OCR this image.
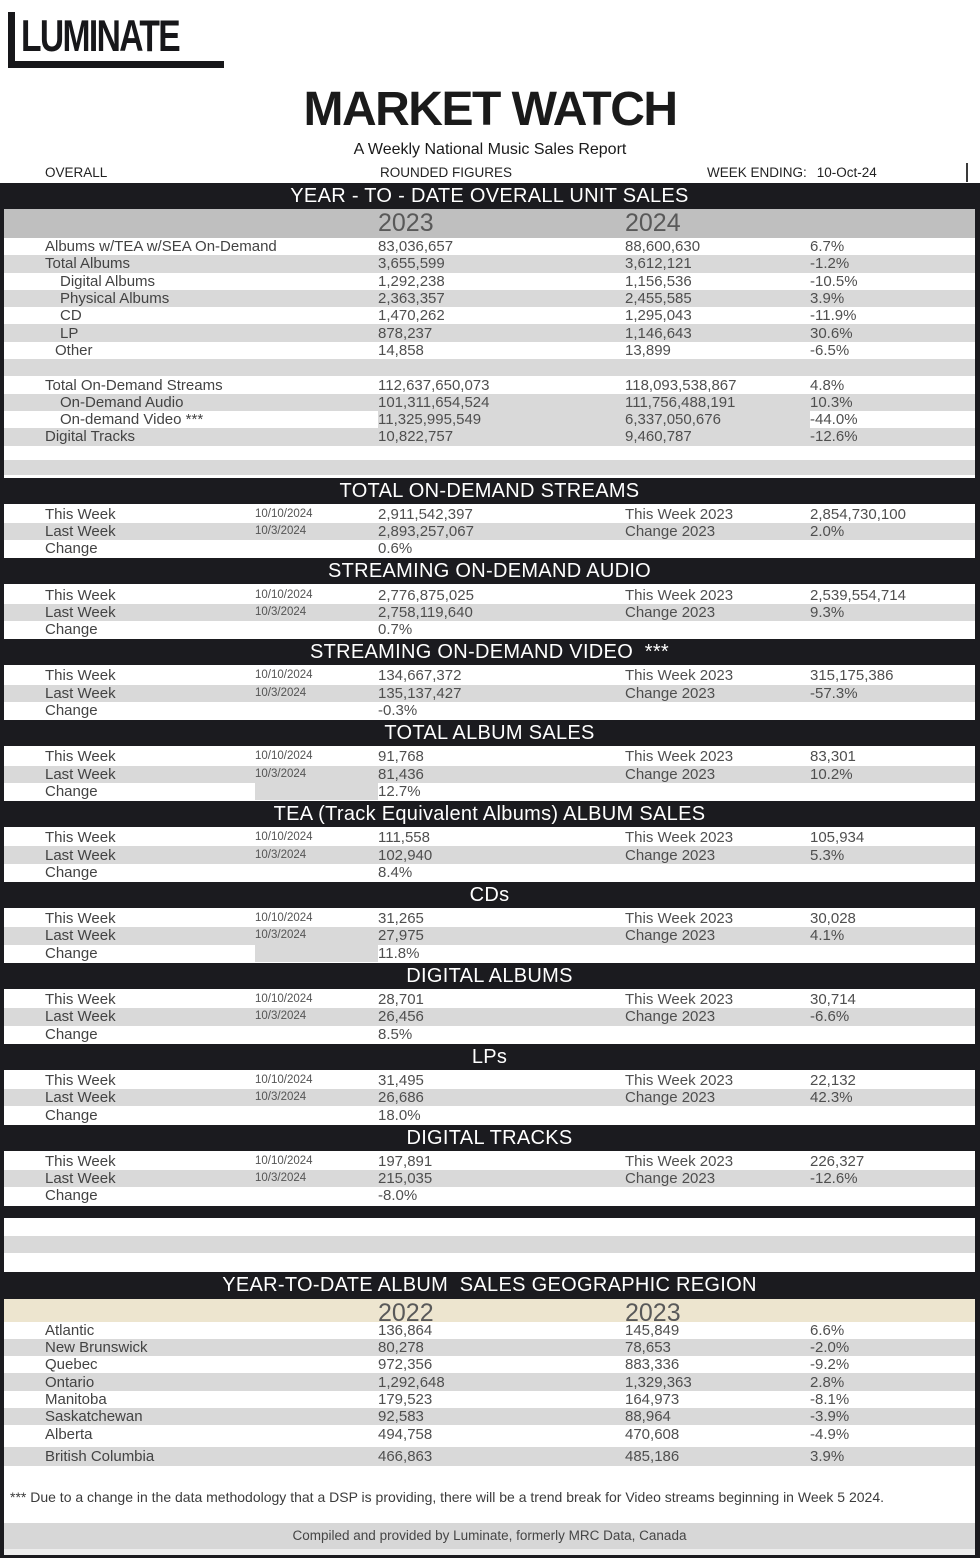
LUMINATE
MARKET WATCH
A Weekly National Music Sales Report
OVERALL	ROUNDED FIGURES	WEEK ENDING: 10-Oct-24
YEAR - TO - DATE OVERALL UNIT SALES
2023	2024
Albums w/TEA w/SEA On-Demand	83,036,657	88,600,630	6.7%
Total Albums	3,655,599	3,612,121	-1.2%
Digital Albums	1,292,238	1,156,536	-10.5%
Physical Albums	2,363,357	2,455,585	3.9%
CD	1,470,262	1,295,043	-11.9%
LP	878,237	1,146,643	30.6%
Other	14,858	13,899	-6.5%
Total On-Demand Streams	112,637,650,073	118,093,538,867	4.8%
On-Demand Audio	101,311,654,524	111,756,488,191	10.3%
On-demand Video ***	11,325,995,549	6,337,050,676	-44.0%
Digital Tracks	10,822,757	9,460,787	-12.6%
TOTAL ON-DEMAND STREAMS
This Week	10/10/2024	2,911,542,397	This Week 2023	2,854,730,100
Last Week	10/3/2024	2,893,257,067	Change 2023	2.0%
Change	0.6%
STREAMING ON-DEMAND AUDIO
This Week	10/10/2024	2,776,875,025	This Week 2023	2,539,554,714
Last Week	10/3/2024	2,758,119,640	Change 2023	9.3%
Change	0.7%
STREAMING ON-DEMAND VIDEO  ***
This Week	10/10/2024	134,667,372	This Week 2023	315,175,386
Last Week	10/3/2024	135,137,427	Change 2023	-57.3%
Change	-0.3%
TOTAL ALBUM SALES
This Week	10/10/2024	91,768	This Week 2023	83,301
Last Week	10/3/2024	81,436	Change 2023	10.2%
Change	12.7%
TEA (Track Equivalent Albums) ALBUM SALES
This Week	10/10/2024	111,558	This Week 2023	105,934
Last Week	10/3/2024	102,940	Change 2023	5.3%
Change	8.4%
CDs
This Week	10/10/2024	31,265	This Week 2023	30,028
Last Week	10/3/2024	27,975	Change 2023	4.1%
Change	11.8%
DIGITAL ALBUMS
This Week	10/10/2024	28,701	This Week 2023	30,714
Last Week	10/3/2024	26,456	Change 2023	-6.6%
Change	8.5%
LPs
This Week	10/10/2024	31,495	This Week 2023	22,132
Last Week	10/3/2024	26,686	Change 2023	42.3%
Change	18.0%
DIGITAL TRACKS
This Week	10/10/2024	197,891	This Week 2023	226,327
Last Week	10/3/2024	215,035	Change 2023	-12.6%
Change	-8.0%
YEAR-TO-DATE ALBUM  SALES GEOGRAPHIC REGION
2022	2023
Atlantic	136,864	145,849	6.6%
New Brunswick	80,278	78,653	-2.0%
Quebec	972,356	883,336	-9.2%
Ontario	1,292,648	1,329,363	2.8%
Manitoba	179,523	164,973	-8.1%
Saskatchewan	92,583	88,964	-3.9%
Alberta	494,758	470,608	-4.9%
British Columbia	466,863	485,186	3.9%
*** Due to a change in the data methodology that a DSP is providing, there will be a trend break for Video streams beginning in Week 5 2024.
Compiled and provided by Luminate, formerly MRC Data, Canada
